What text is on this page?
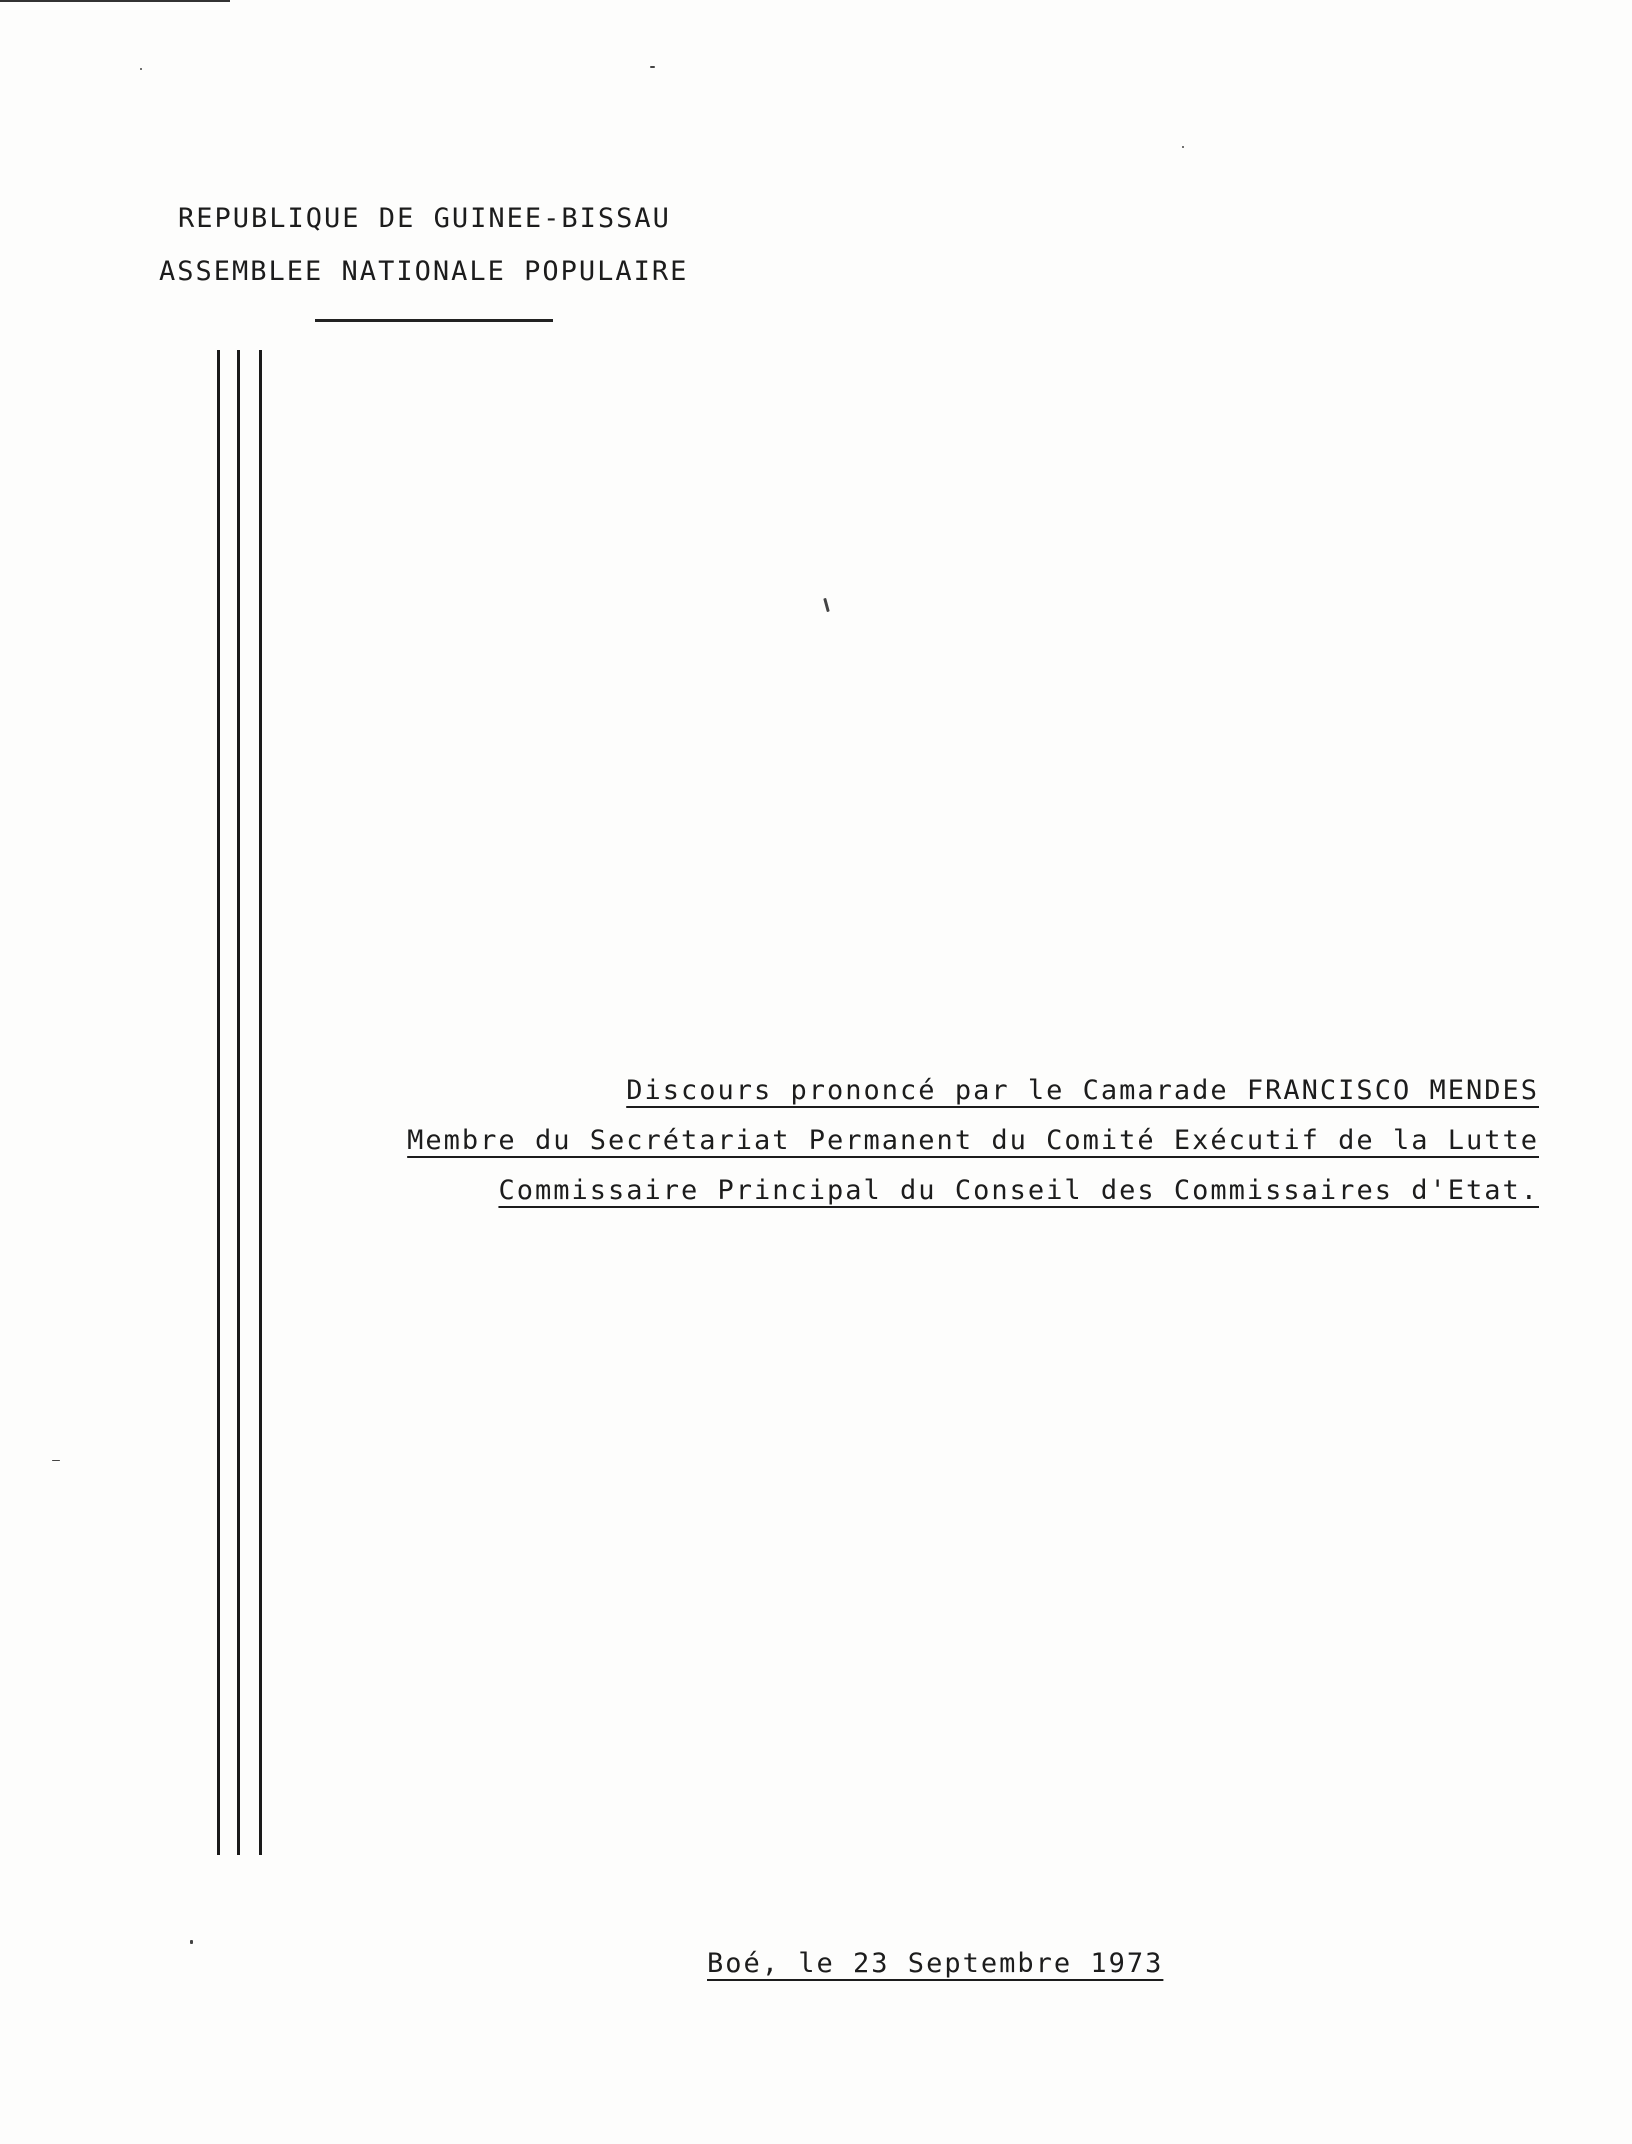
REPUBLIQUE DE GUINEE-BISSAU
ASSEMBLEE NATIONALE POPULAIRE
Discours prononcé par le Camarade FRANCISCO MENDES
Membre du Secrétariat Permanent du Comité Exécutif de la Lutte
Commissaire Principal du Conseil des Commissaires d'Etat.
Boé, le 23 Septembre 1973
